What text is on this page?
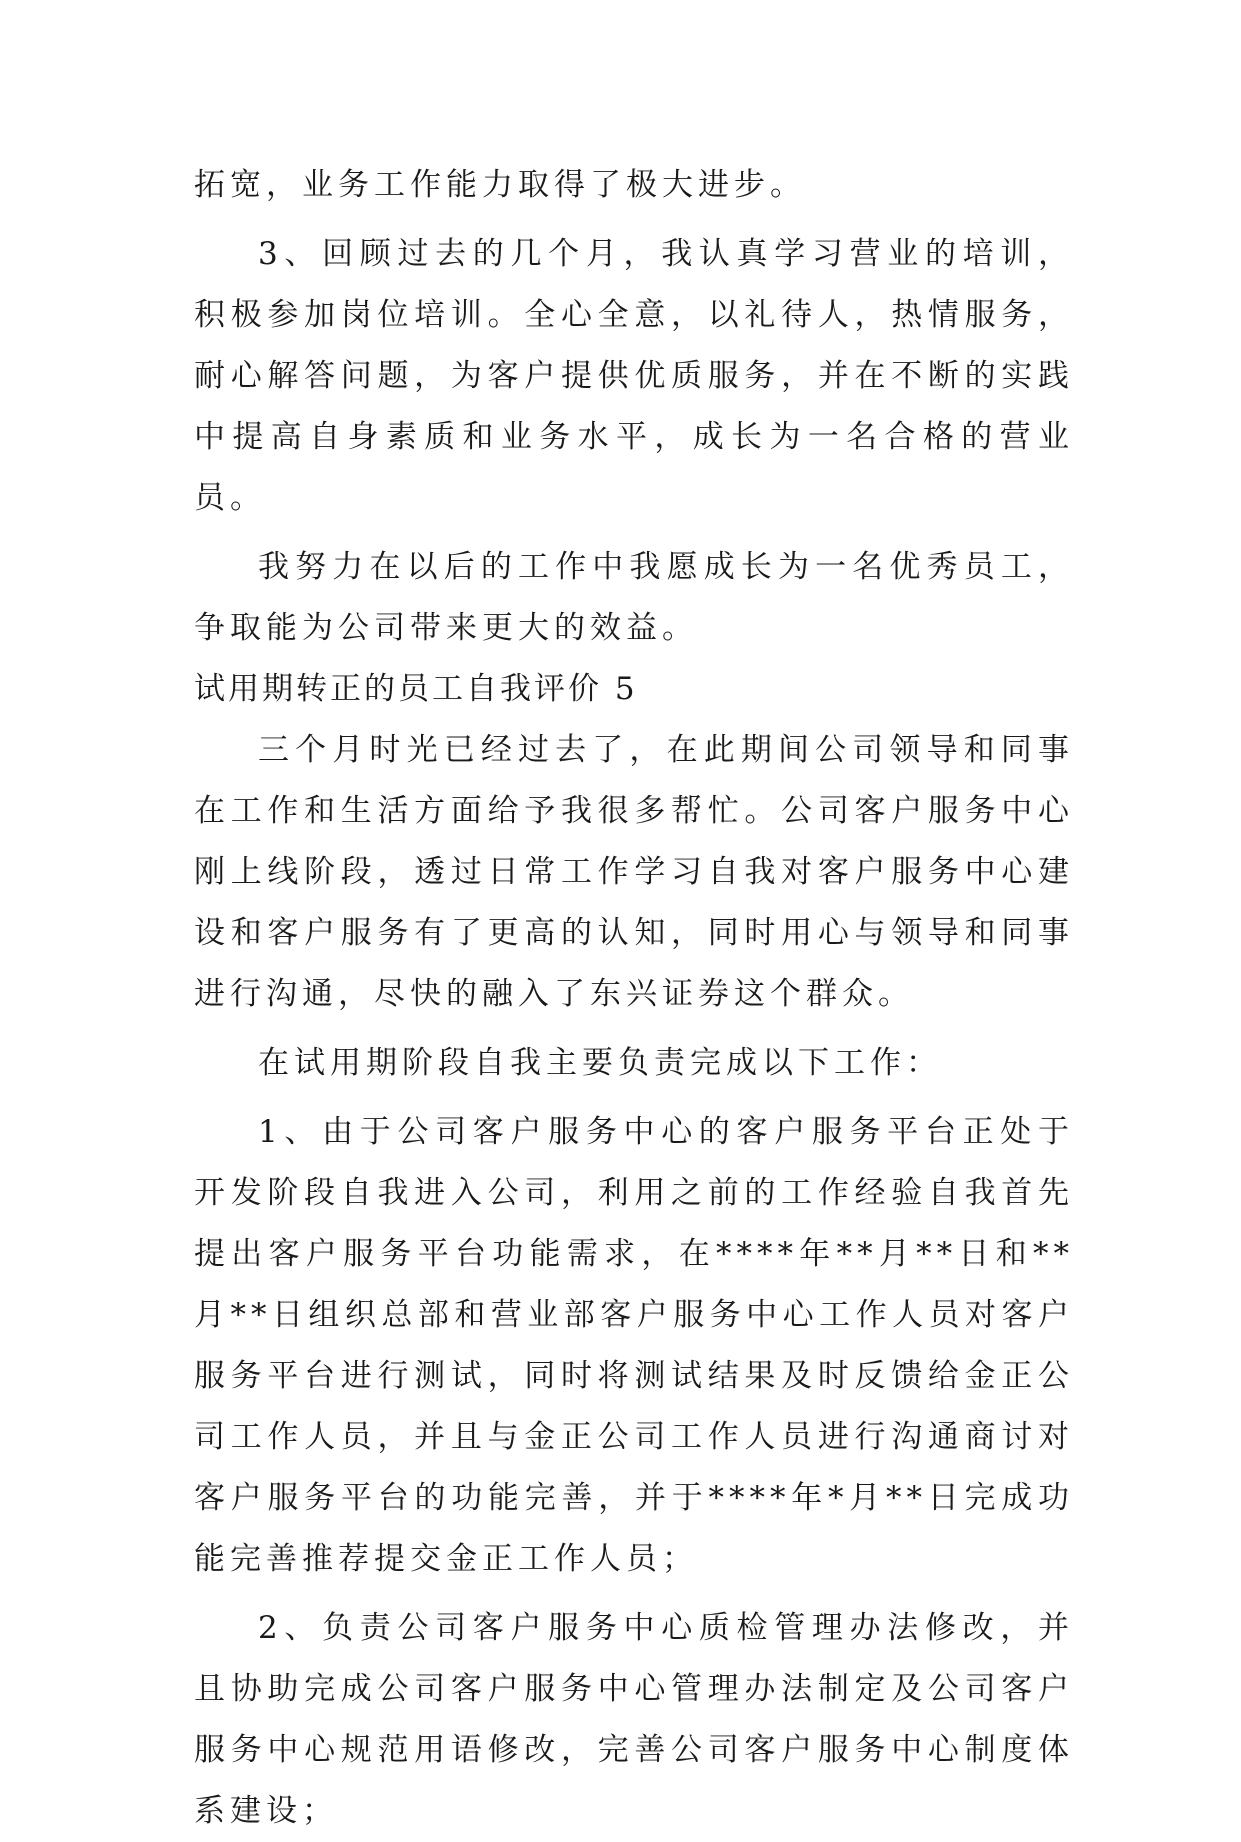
拓宽，业务工作能力取得了极大进步。

3、回顾过去的几个月，我认真学习营业的培训，积极参加岗位培训。全心全意，以礼待人，热情服务，耐心解答问题，为客户提供优质服务，并在不断的实践中提高自身素质和业务水平，成长为一名合格的营业员。

我努力在以后的工作中我愿成长为一名优秀员工，争取能为公司带来更大的效益。

试用期转正的员工自我评价 5

三个月时光已经过去了，在此期间公司领导和同事在工作和生活方面给予我很多帮忙。公司客户服务中心刚上线阶段，透过日常工作学习自我对客户服务中心建设和客户服务有了更高的认知，同时用心与领导和同事进行沟通，尽快的融入了东兴证券这个群众。

在试用期阶段自我主要负责完成以下工作：

1、由于公司客户服务中心的客户服务平台正处于开发阶段自我进入公司，利用之前的工作经验自我首先提出客户服务平台功能需求，在****年**月**日和**月**日组织总部和营业部客户服务中心工作人员对客户服务平台进行测试，同时将测试结果及时反馈给金正公司工作人员，并且与金正公司工作人员进行沟通商讨对客户服务平台的功能完善，并于****年*月**日完成功能完善推荐提交金正工作人员；

2、负责公司客户服务中心质检管理办法修改，并且协助完成公司客户服务中心管理办法制定及公司客户服务中心规范用语修改，完善公司客户服务中心制度体系建设；
